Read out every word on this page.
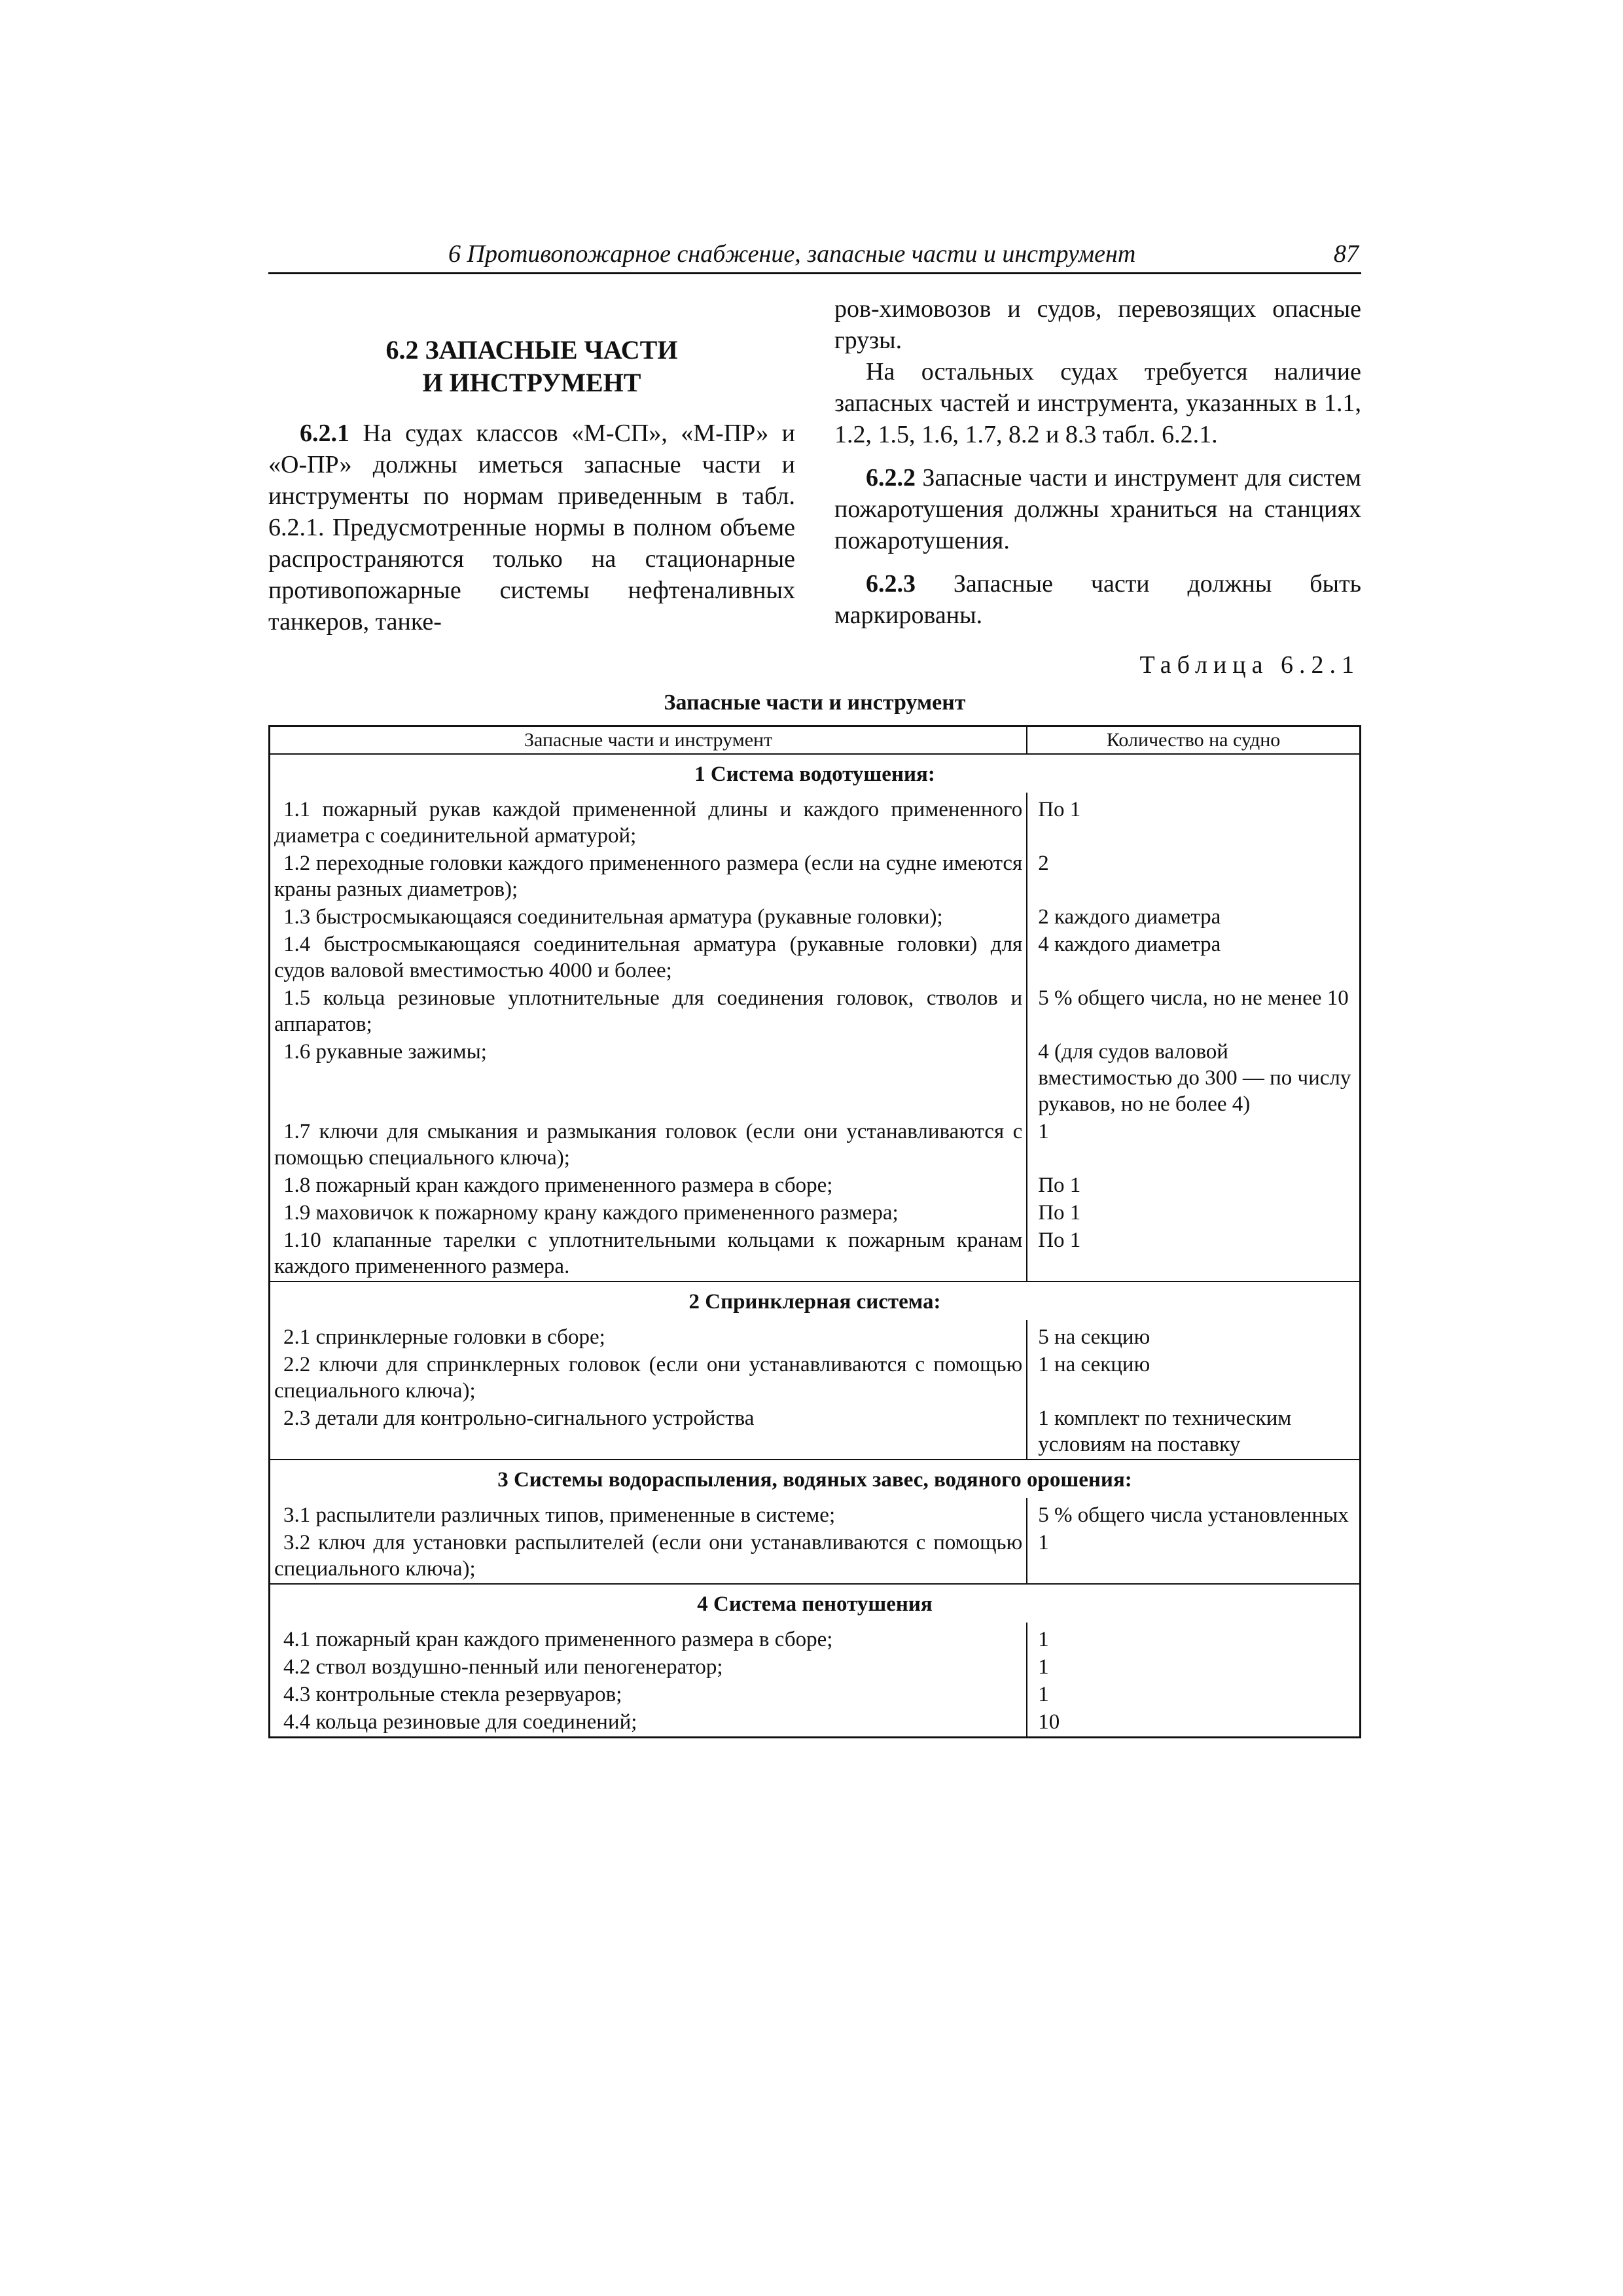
6 Противопожарное снабжение, запасные части и инструмент	87
6.2 ЗАПАСНЫЕ ЧАСТИ
И ИНСТРУМЕНТ

6.2.1 На судах классов «М-СП», «М-ПР» и «О-ПР» должны иметься запасные части и инструменты по нормам приведенным в табл. 6.2.1. Предусмотренные нормы в полном объеме распространяются только на стационарные противопожарные системы нефтеналивных танкеров, танке-

ров-химовозов и судов, перевозящих опасные грузы.

На остальных судах требуется наличие запасных частей и инструмента, указанных в 1.1, 1.2, 1.5, 1.6, 1.7, 8.2 и 8.3 табл. 6.2.1.

6.2.2 Запасные части и инструмент для систем пожаротушения должны храниться на станциях пожаротушения.

6.2.3 Запасные части должны быть маркированы.

Таблица 6.2.1
Запасные части и инструмент
Запасные части и инструмент	Количество на судно
1 Система водотушения:	
1.1 пожарный рукав каждой примененной длины и каждого примененного диаметра с соединительной арматурой;	По 1
1.2 переходные головки каждого примененного размера (если на судне имеются краны разных диаметров);	2
1.3 быстросмыкающаяся соединительная арматура (рукавные головки);	2 каждого диаметра
1.4 быстросмыкающаяся соединительная арматура (рукавные головки) для судов валовой вместимостью 4000 и более;	4 каждого диаметра
1.5 кольца резиновые уплотнительные для соединения головок, стволов и аппаратов;	5 % общего числа, но не менее 10
1.6 рукавные зажимы;	4 (для судов валовой вместимостью до 300 — по числу рукавов, но не более 4)
1.7 ключи для смыкания и размыкания головок (если они устанавливаются с помощью специального ключа);	1
1.8 пожарный кран каждого примененного размера в сборе;	По 1
1.9 маховичок к пожарному крану каждого примененного размера;	По 1
1.10 клапанные тарелки с уплотнительными кольцами к пожарным кранам каждого примененного размера.	По 1
2 Спринклерная система:	
2.1 спринклерные головки в сборе;	5 на секцию
2.2 ключи для спринклерных головок (если они устанавливаются с помощью специального ключа);	1 на секцию
2.3 детали для контрольно-сигнального устройства	1 комплект по техническим условиям на поставку
3 Системы водораспыления, водяных завес, водяного орошения:	
3.1 распылители различных типов, примененные в системе;	5 % общего числа установленных
3.2 ключ для установки распылителей (если они устанавливаются с помощью специального ключа);	1
4 Система пенотушения	
4.1 пожарный кран каждого примененного размера в сборе;	1
4.2 ствол воздушно-пенный или пеногенератор;	1
4.3 контрольные стекла резервуаров;	1
4.4 кольца резиновые для соединений;	10
